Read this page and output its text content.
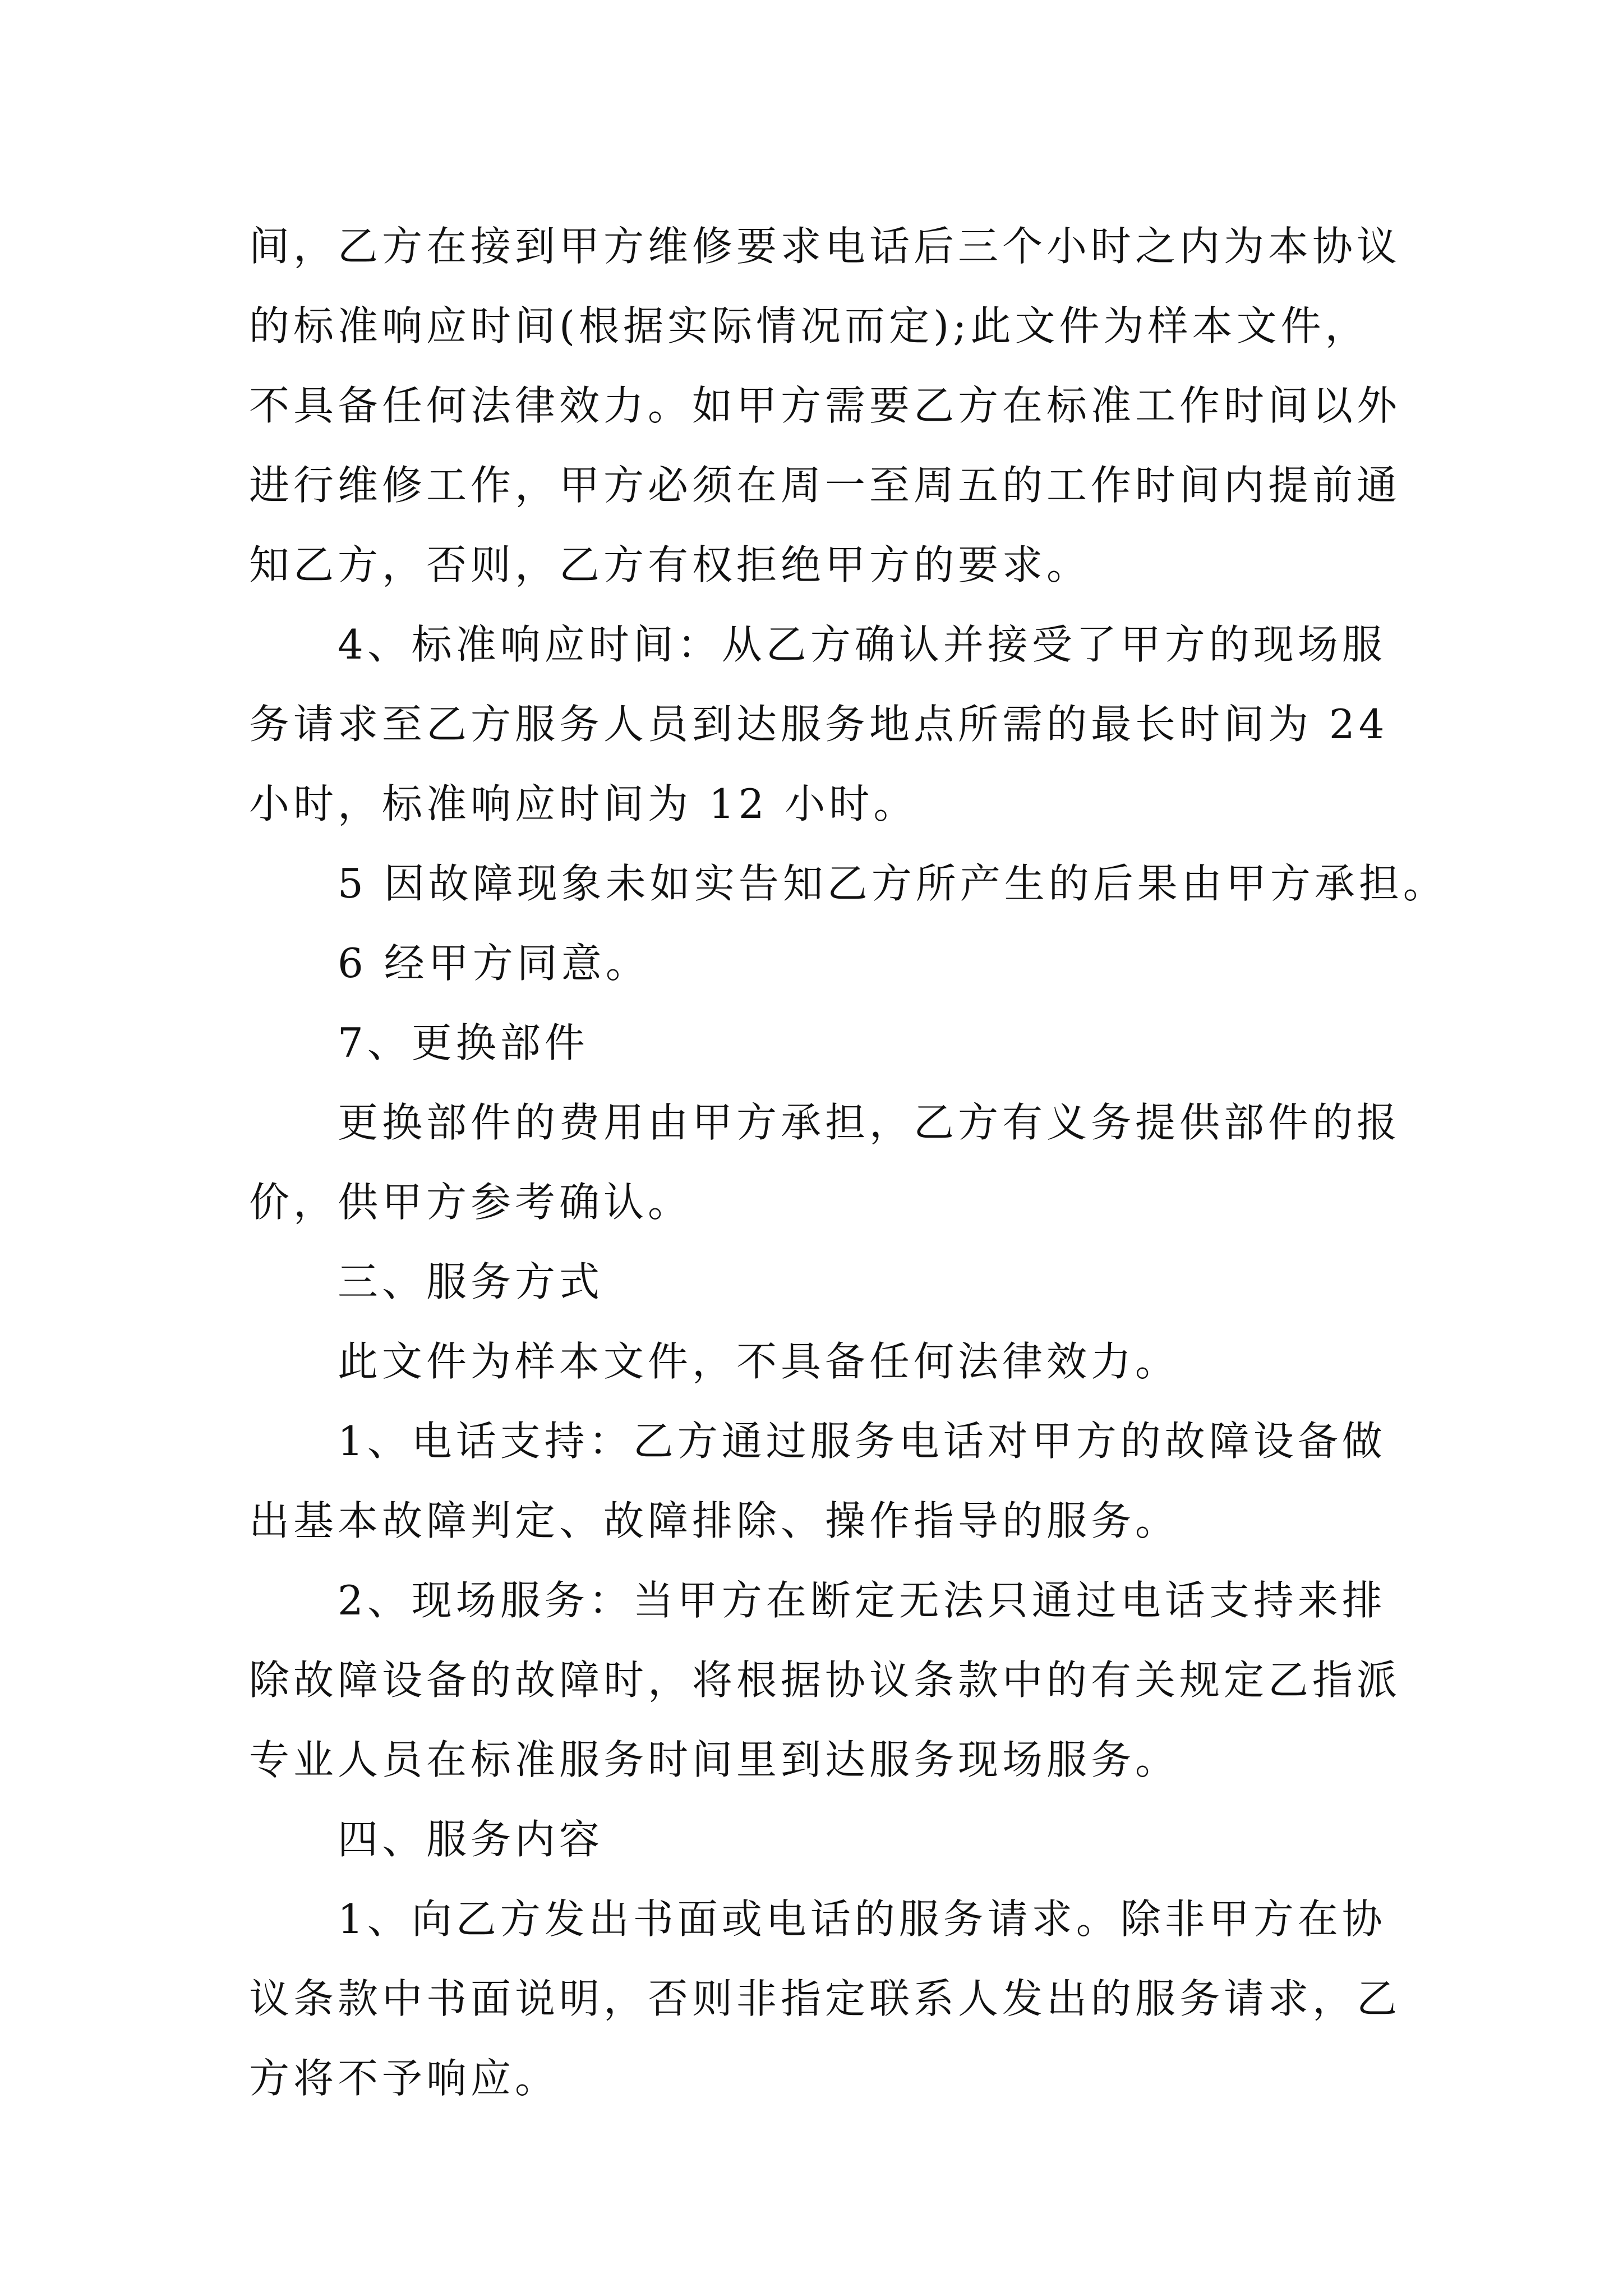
间，乙方在接到甲方维修要求电话后三个小时之内为本协议
的标准响应时间(根据实际情况而定);此文件为样本文件，
不具备任何法律效力。如甲方需要乙方在标准工作时间以外
进行维修工作，甲方必须在周一至周五的工作时间内提前通
知乙方，否则，乙方有权拒绝甲方的要求。
4、标准响应时间：从乙方确认并接受了甲方的现场服
务请求至乙方服务人员到达服务地点所需的最长时间为 24
小时，标准响应时间为 12 小时。
5 因故障现象未如实告知乙方所产生的后果由甲方承担。
6 经甲方同意。
7、更换部件
更换部件的费用由甲方承担，乙方有义务提供部件的报
价，供甲方参考确认。
三、服务方式
此文件为样本文件，不具备任何法律效力。
1、电话支持：乙方通过服务电话对甲方的故障设备做
出基本故障判定、故障排除、操作指导的服务。
2、现场服务：当甲方在断定无法只通过电话支持来排
除故障设备的故障时，将根据协议条款中的有关规定乙指派
专业人员在标准服务时间里到达服务现场服务。
四、服务内容
1、向乙方发出书面或电话的服务请求。除非甲方在协
议条款中书面说明，否则非指定联系人发出的服务请求，乙
方将不予响应。
